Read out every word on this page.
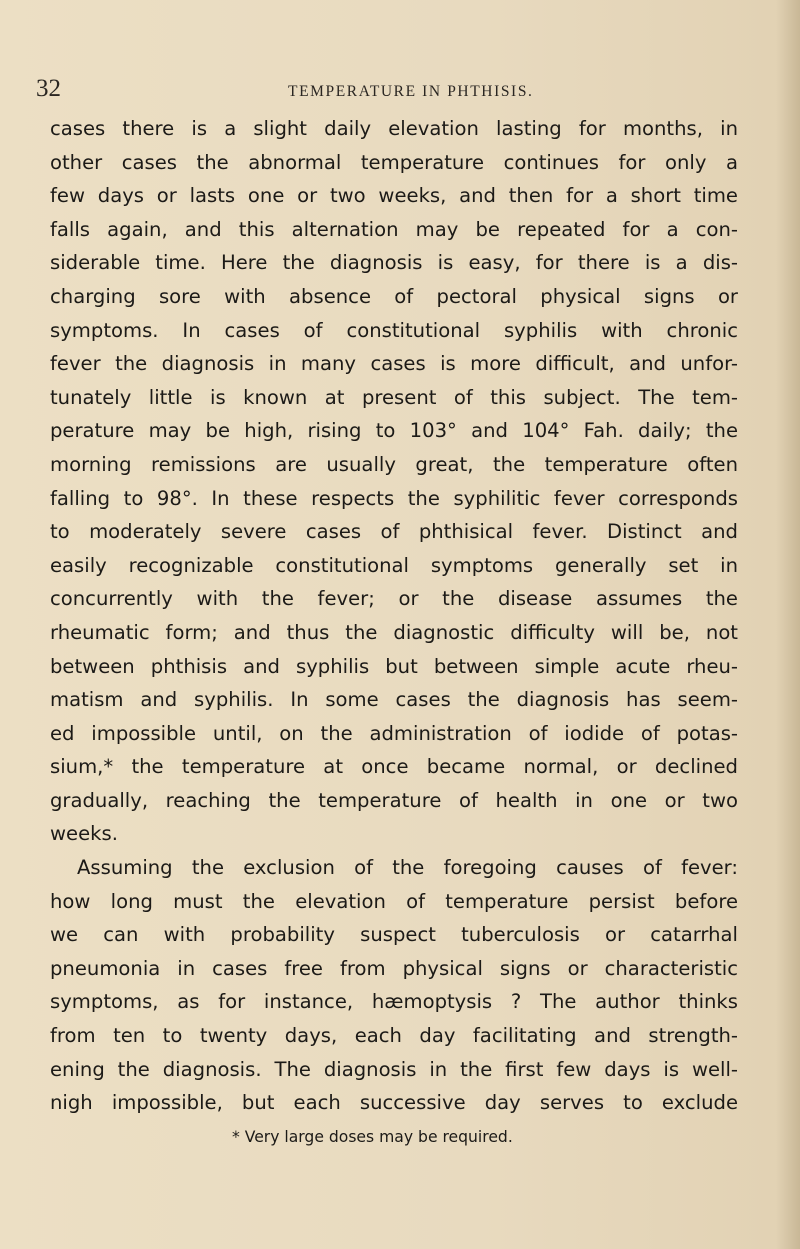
32	TEMPERATURE IN PHTHISIS.
cases there is a slight daily elevation lasting for months, in
other cases the abnormal temperature continues for only a
few days or lasts one or two weeks, and then for a short time
falls again, and this alternation may be repeated for a con-
siderable time. Here the diagnosis is easy, for there is a dis-
charging sore with absence of pectoral physical signs or
symptoms. In cases of constitutional syphilis with chronic
fever the diagnosis in many cases is more difficult, and unfor-
tunately little is known at present of this subject. The tem-
perature may be high, rising to 103° and 104° Fah. daily; the
morning remissions are usually great, the temperature often
falling to 98°. In these respects the syphilitic fever corresponds
to moderately severe cases of phthisical fever. Distinct and
easily recognizable constitutional symptoms generally set in
concurrently with the fever; or the disease assumes the
rheumatic form; and thus the diagnostic difficulty will be, not
between phthisis and syphilis but between simple acute rheu-
matism and syphilis. In some cases the diagnosis has seem-
ed impossible until, on the administration of iodide of potas-
sium,* the temperature at once became normal, or declined
gradually, reaching the temperature of health in one or two
weeks.
Assuming the exclusion of the foregoing causes of fever:
how long must the elevation of temperature persist before
we can with probability suspect tuberculosis or catarrhal
pneumonia in cases free from physical signs or characteristic
symptoms, as for instance, hæmoptysis ? The author thinks
from ten to twenty days, each day facilitating and strength-
ening the diagnosis. The diagnosis in the first few days is well-
nigh impossible, but each successive day serves to exclude
* Very large doses may be required.
